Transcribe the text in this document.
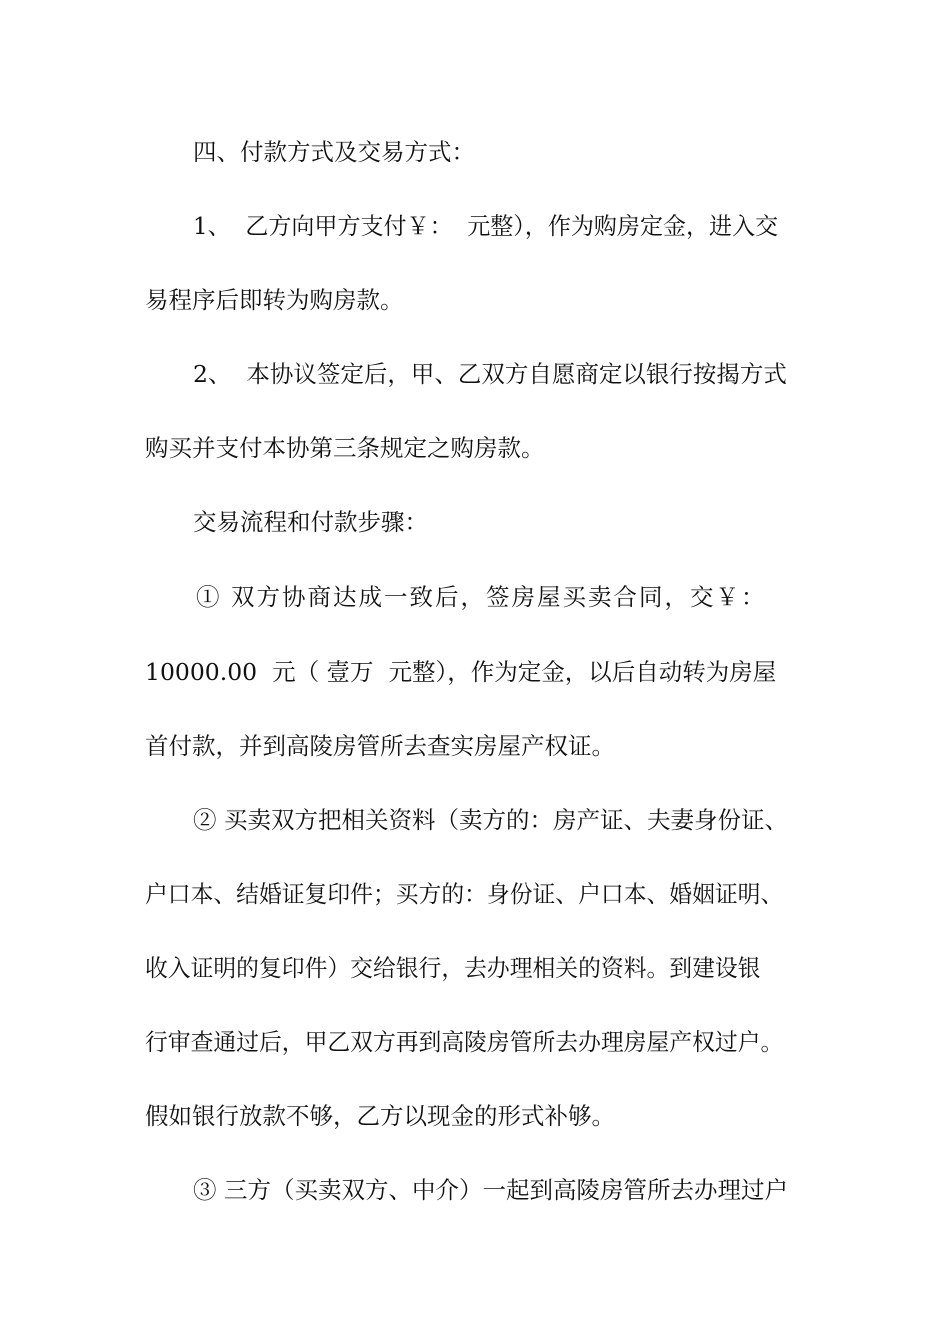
四、付款方式及交易方式：
1、  乙方向甲方支付￥：  元整），作为购房定金，进入交
易程序后即转为购房款。
2、  本协议签定后，甲、乙双方自愿商定以银行按揭方式
购买并支付本协第三条规定之购房款。
交易流程和付款步骤：
① 双方协商达成一致后，签房屋买卖合同，交￥：
10000.00  元（ 壹万  元整），作为定金，以后自动转为房屋
首付款，并到高陵房管所去查实房屋产权证。
② 买卖双方把相关资料（卖方的：房产证、夫妻身份证、
户口本、结婚证复印件；买方的：身份证、户口本、婚姻证明、
收入证明的复印件）交给银行，去办理相关的资料。到建设银
行审查通过后，甲乙双方再到高陵房管所去办理房屋产权过户。
假如银行放款不够，乙方以现金的形式补够。
③ 三方（买卖双方、中介）一起到高陵房管所去办理过户
